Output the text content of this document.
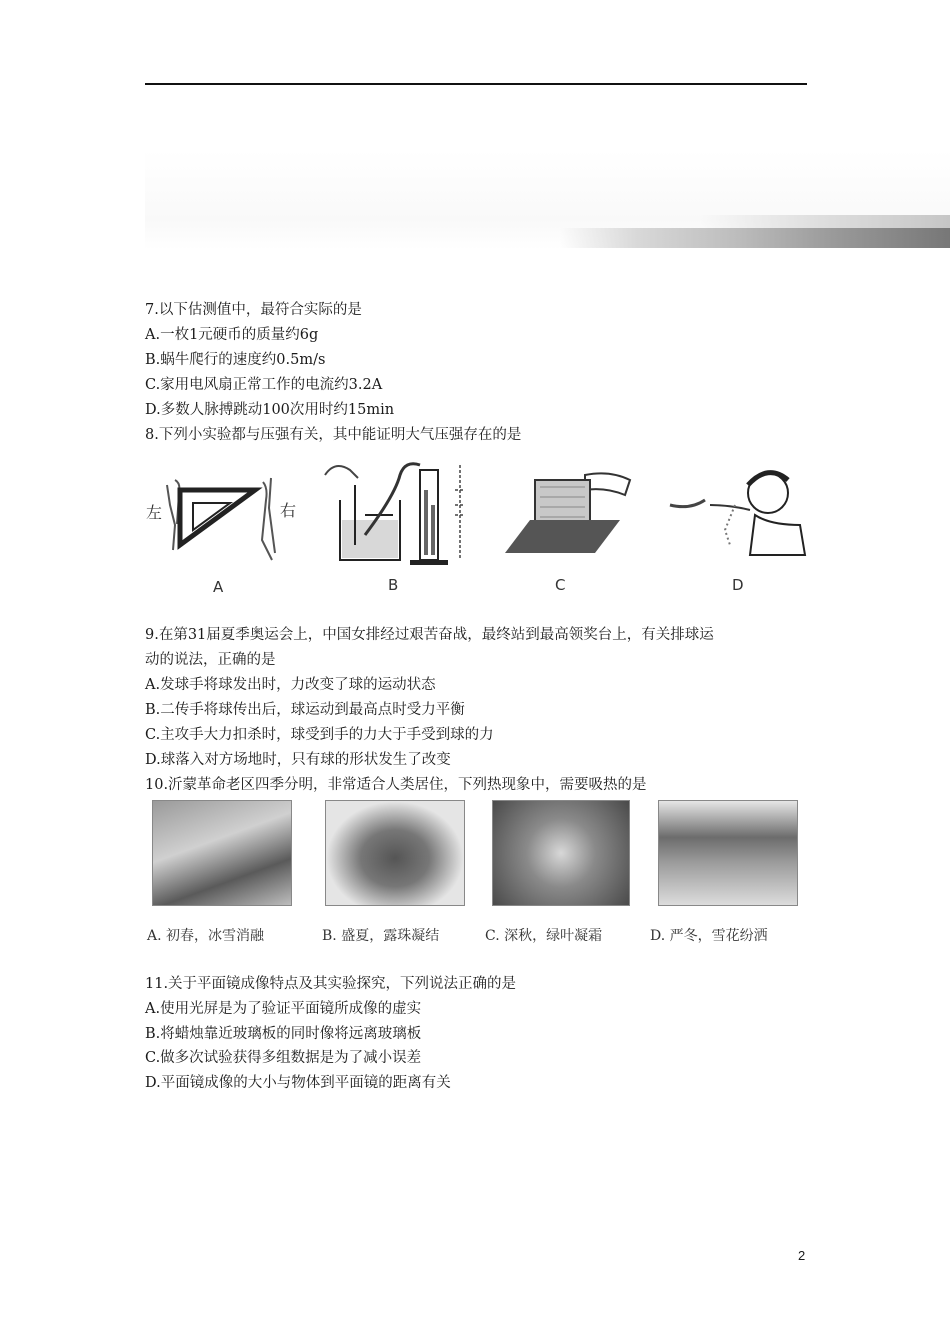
7.以下估测值中，最符合实际的是
A.一枚1元硬币的质量约6g
B.蜗牛爬行的速度约0.5m/s
C.家用电风扇正常工作的电流约3.2A
D.多数人脉搏跳动100次用时约15min
8.下列小实验都与压强有关，其中能证明大气压强存在的是
左	右
A	B	C	D
9.在第31届夏季奥运会上，中国女排经过艰苦奋战，最终站到最高领奖台上，有关排球运
动的说法，正确的是
A.发球手将球发出时，力改变了球的运动状态
B.二传手将球传出后，球运动到最高点时受力平衡
C.主攻手大力扣杀时，球受到手的力大于手受到球的力
D.球落入对方场地时，只有球的形状发生了改变
10.沂蒙革命老区四季分明，非常适合人类居住，下列热现象中，需要吸热的是
A. 初春，冰雪消融	B. 盛夏，露珠凝结	C. 深秋，绿叶凝霜	D. 严冬，雪花纷洒
11.关于平面镜成像特点及其实验探究，下列说法正确的是
A.使用光屏是为了验证平面镜所成像的虚实
B.将蜡烛靠近玻璃板的同时像将远离玻璃板
C.做多次试验获得多组数据是为了减小误差
D.平面镜成像的大小与物体到平面镜的距离有关
2
